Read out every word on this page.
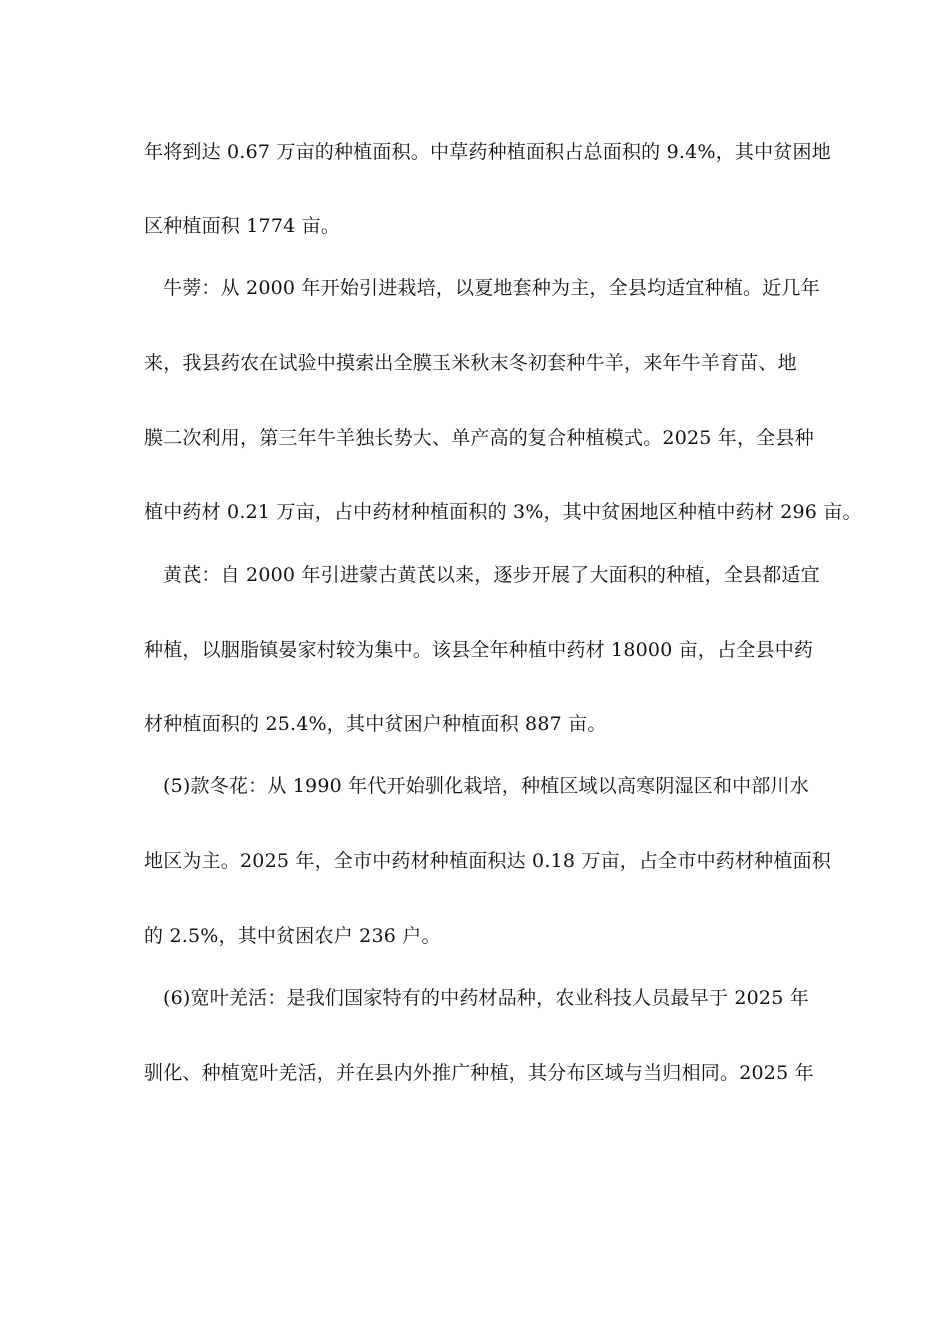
年将到达 0.67 万亩的种植面积。中草药种植面积占总面积的 9.4%，其中贫困地
区种植面积 1774 亩。
牛蒡：从 2000 年开始引进栽培，以夏地套种为主，全县均适宜种植。近几年
来，我县药农在试验中摸索出全膜玉米秋末冬初套种牛羊，来年牛羊育苗、地
膜二次利用，第三年牛羊独长势大、单产高的复合种植模式。2025 年，全县种
植中药材 0.21 万亩，占中药材种植面积的 3%，其中贫困地区种植中药材 296 亩。
黄芪：自 2000 年引进蒙古黄芪以来，逐步开展了大面积的种植，全县都适宜
种植，以胭脂镇晏家村较为集中。该县全年种植中药材 18000 亩，占全县中药
材种植面积的 25.4%，其中贫困户种植面积 887 亩。
(5)款冬花：从 1990 年代开始驯化栽培，种植区域以高寒阴湿区和中部川水
地区为主。2025 年，全市中药材种植面积达 0.18 万亩，占全市中药材种植面积
的 2.5%，其中贫困农户 236 户。
(6)宽叶羌活：是我们国家特有的中药材品种，农业科技人员最早于 2025 年
驯化、种植宽叶羌活，并在县内外推广种植，其分布区域与当归相同。2025 年
